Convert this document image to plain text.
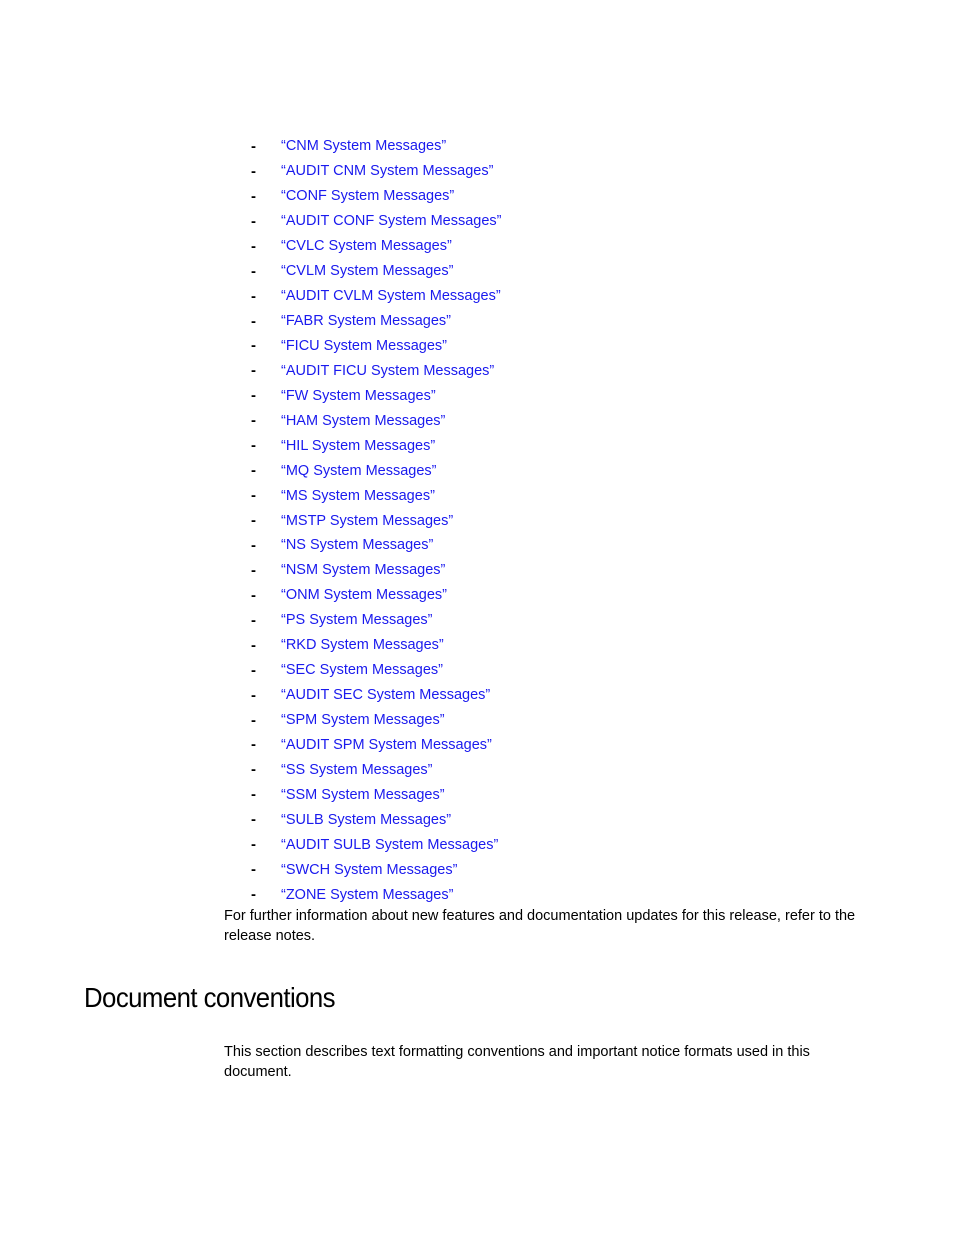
-	“CNM System Messages”
-	“AUDIT CNM System Messages”
-	“CONF System Messages”
-	“AUDIT CONF System Messages”
-	“CVLC System Messages”
-	“CVLM System Messages”
-	“AUDIT CVLM System Messages”
-	“FABR System Messages”
-	“FICU System Messages”
-	“AUDIT FICU System Messages”
-	“FW System Messages”
-	“HAM System Messages”
-	“HIL System Messages”
-	“MQ System Messages”
-	“MS System Messages”
-	“MSTP System Messages”
-	“NS System Messages”
-	“NSM System Messages”
-	“ONM System Messages”
-	“PS System Messages”
-	“RKD System Messages”
-	“SEC System Messages”
-	“AUDIT SEC System Messages”
-	“SPM System Messages”
-	“AUDIT SPM System Messages”
-	“SS System Messages”
-	“SSM System Messages”
-	“SULB System Messages”
-	“AUDIT SULB System Messages”
-	“SWCH System Messages”
-	“ZONE System Messages”

For further information about new features and documentation updates for this release, refer to the release notes.

Document conventions

This section describes text formatting conventions and important notice formats used in this document.
